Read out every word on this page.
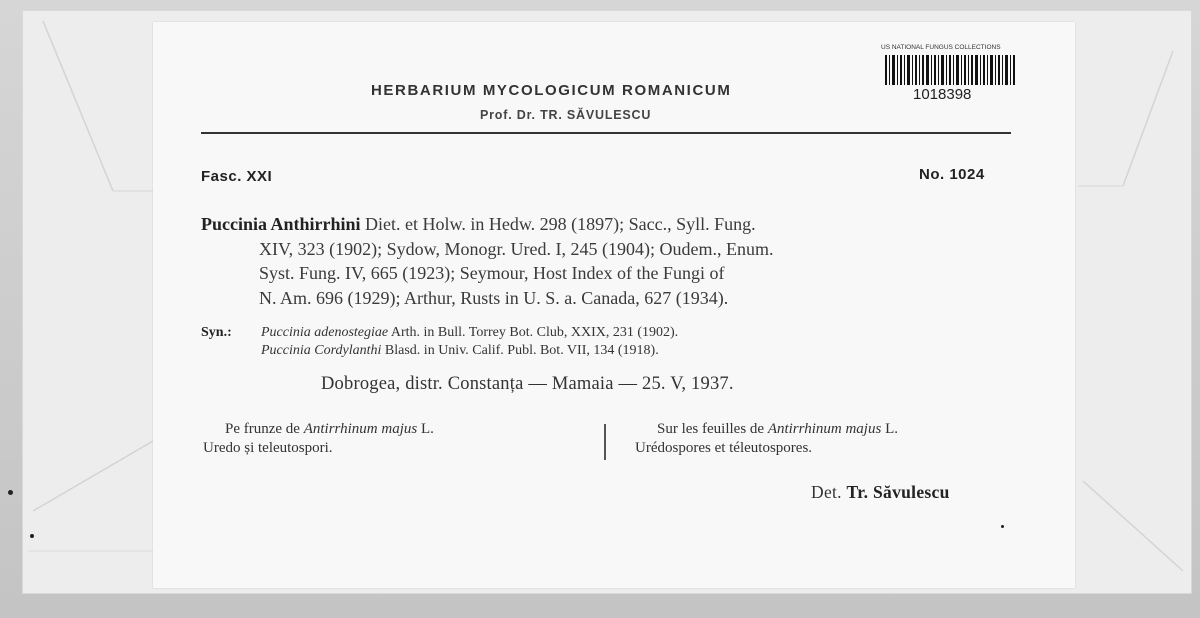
HERBARIUM MYCOLOGICUM ROMANICUM
Prof. Dr. TR. SĂVULESCU
US NATIONAL FUNGUS COLLECTIONS
1018398
Fasc. XXI	No. 1024
Puccinia Anthirrhini Diet. et Holw. in Hedw. 298 (1897); Sacc., Syll. Fung.
XIV, 323 (1902); Sydow, Monogr. Ured. I, 245 (1904); Oudem., Enum.
Syst. Fung. IV, 665 (1923); Seymour, Host Index of the Fungi of
N. Am. 696 (1929); Arthur, Rusts in U. S. a. Canada, 627 (1934).
Syn.: Puccinia adenostegiae Arth. in Bull. Torrey Bot. Club, XXIX, 231 (1902).
Puccinia Cordylanthi Blasd. in Univ. Calif. Publ. Bot. VII, 134 (1918).
Dobrogea, distr. Constanța — Mamaia — 25. V, 1937.
Pe frunze de Antirrhinum majus L.
Uredo și teleutospori.
Sur les feuilles de Antirrhinum majus L.
Urédospores et téleutospores.
Det. Tr. Săvulescu
